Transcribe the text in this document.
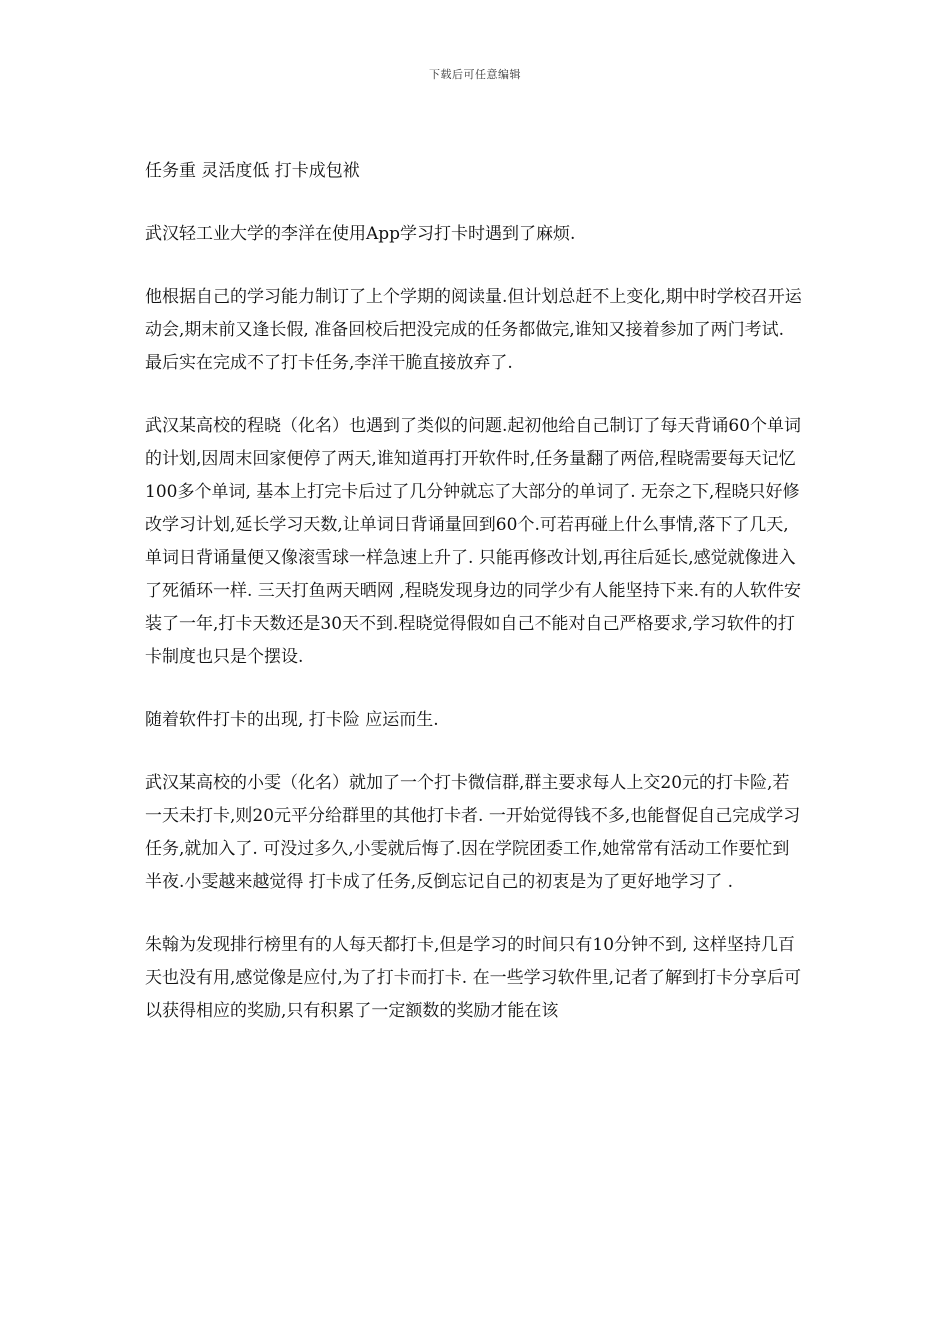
下载后可任意编辑

任务重 灵活度低 打卡成包袱

武汉轻工业大学的李洋在使用App学习打卡时遇到了麻烦.

他根据自己的学习能力制订了上个学期的阅读量.但计划总赶不上变化,期中时学校召开运动会,期末前又逢长假, 准备回校后把没完成的任务都做完,谁知又接着参加了两门考试. 最后实在完成不了打卡任务,李洋干脆直接放弃了.

武汉某高校的程晓（化名）也遇到了类似的问题.起初他给自己制订了每天背诵60个单词的计划,因周末回家便停了两天,谁知道再打开软件时,任务量翻了两倍,程晓需要每天记忆100多个单词, 基本上打完卡后过了几分钟就忘了大部分的单词了. 无奈之下,程晓只好修改学习计划,延长学习天数,让单词日背诵量回到60个.可若再碰上什么事情,落下了几天,单词日背诵量便又像滚雪球一样急速上升了. 只能再修改计划,再往后延长,感觉就像进入了死循环一样. 三天打鱼两天晒网 ,程晓发现身边的同学少有人能坚持下来.有的人软件安装了一年,打卡天数还是30天不到.程晓觉得假如自己不能对自己严格要求,学习软件的打卡制度也只是个摆设.

随着软件打卡的出现, 打卡险 应运而生.

武汉某高校的小雯（化名）就加了一个打卡微信群,群主要求每人上交20元的打卡险,若一天未打卡,则20元平分给群里的其他打卡者. 一开始觉得钱不多,也能督促自己完成学习任务,就加入了. 可没过多久,小雯就后悔了.因在学院团委工作,她常常有活动工作要忙到半夜.小雯越来越觉得 打卡成了任务,反倒忘记自己的初衷是为了更好地学习了 .

朱翰为发现排行榜里有的人每天都打卡,但是学习的时间只有10分钟不到, 这样坚持几百天也没有用,感觉像是应付,为了打卡而打卡. 在一些学习软件里,记者了解到打卡分享后可以获得相应的奖励,只有积累了一定额数的奖励才能在该
